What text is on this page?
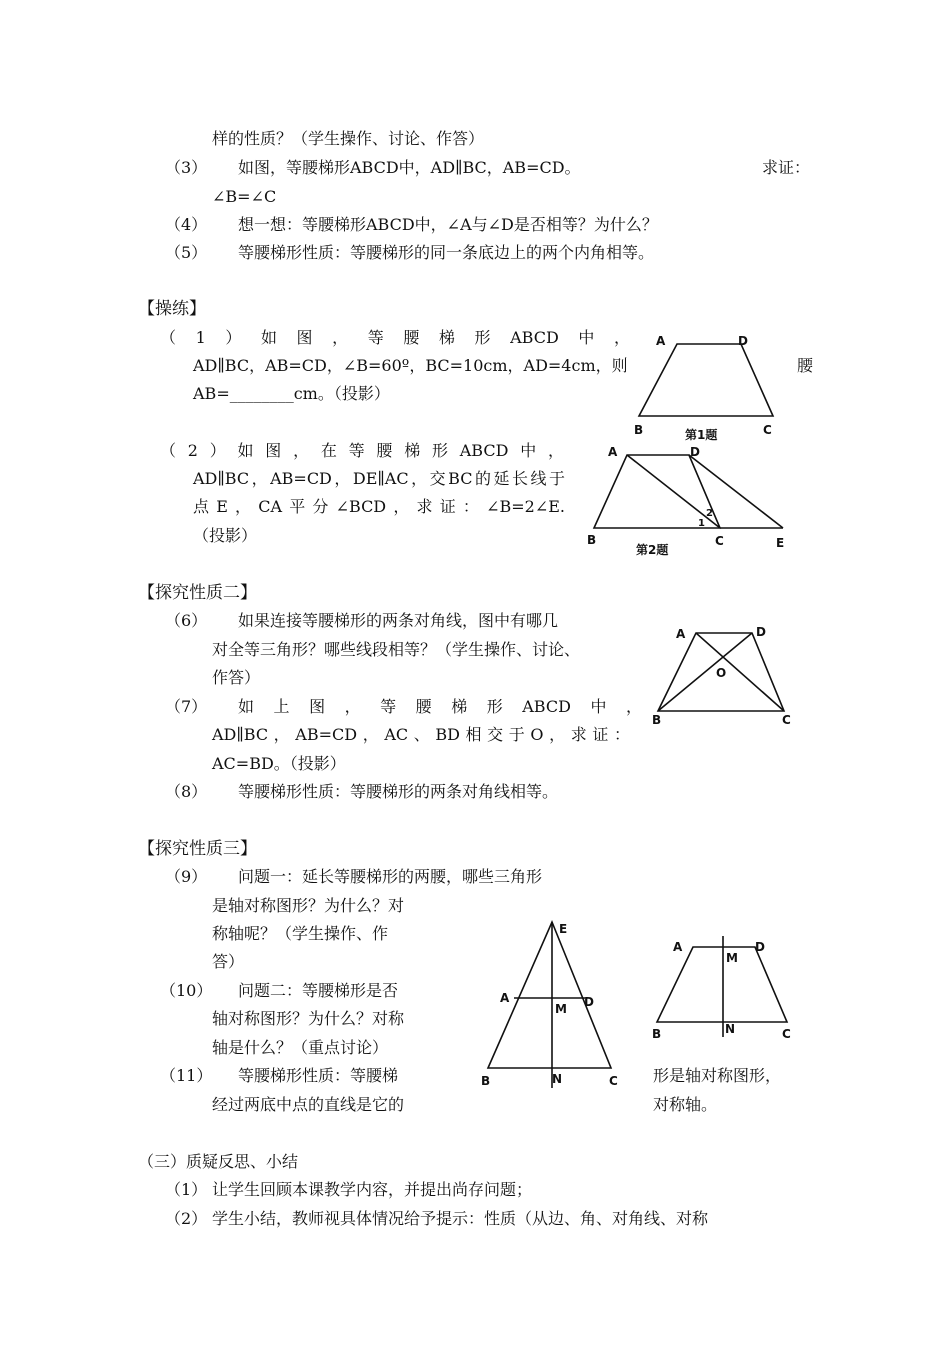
样的性质？（学生操作、讨论、作答）
（3） 如图，等腰梯形ABCD中，AD∥BC，AB=CD。	求证：
∠B=∠C
（4） 想一想：等腰梯形ABCD中，∠A与∠D是否相等？为什么？
（5） 等腰梯形性质：等腰梯形的同一条底边上的两个内角相等。
【操练】
（1）如图，等腰梯形ABCD中，
AD∥BC，AB=CD，∠B=60º，BC=10cm，AD=4cm，则	腰
AB=________cm。（投影）
（2）如图，在等腰梯形ABCD中，
AD∥BC，AB=CD，DE∥AC，交BC的延长线于
点E，CA平分∠BCD，求证：∠B=2∠E.
（投影）
【探究性质二】
（6） 如果连接等腰梯形的两条对角线，图中有哪几
对全等三角形？哪些线段相等？（学生操作、讨论、
作答）
（7） 如上图，等腰梯形ABCD中，
AD∥BC，AB=CD，AC、BD相交于O，求证：
AC=BD。（投影）
（8） 等腰梯形性质：等腰梯形的两条对角线相等。
【探究性质三】
（9） 问题一：延长等腰梯形的两腰，哪些三角形
是轴对称图形？为什么？对
称轴呢？（学生操作、作
答）
（10） 问题二：等腰梯形是否
轴对称图形？为什么？对称
轴是什么？（重点讨论）
（11） 等腰梯形性质：等腰梯	形是轴对称图形，
经过两底中点的直线是它的	对称轴。
（三）质疑反思、小结
（1） 让学生回顾本课教学内容，并提出尚存问题；
（2） 学生小结，教师视具体情况给予提示：性质（从边、角、对角线、对称
A	D
B	C
第1题
A	D
B	C	E
1
2
第2题
A	D
O
B	C
E
A	D
M
B	N	C
A	D
M
B	N	C
